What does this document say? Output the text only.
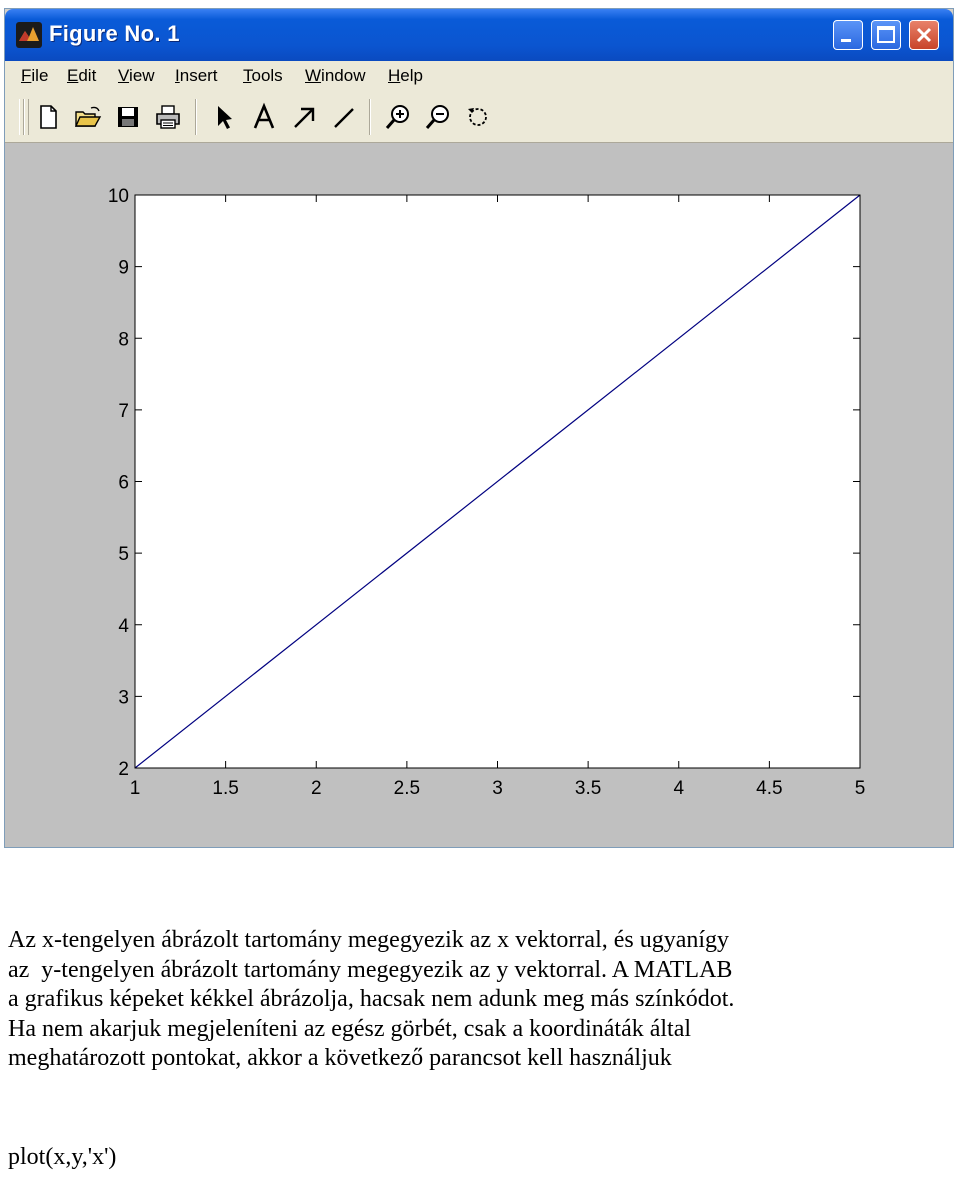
Figure No. 1
File Edit View Insert Tools Window Help
1	1.5	2	2.5	3	3.5	4	4.5	5
2
3
4
5
6
7
8
9
10
Az x-tengelyen ábrázolt tartomány megegyezik az x vektorral, és ugyanígy
az  y-tengelyen ábrázolt tartomány megegyezik az y vektorral. A MATLAB
a grafikus képeket kékkel ábrázolja, hacsak nem adunk meg más színkódot.
Ha nem akarjuk megjeleníteni az egész görbét, csak a koordináták által
meghatározott pontokat, akkor a következő parancsot kell használjuk
plot(x,y,'x')
